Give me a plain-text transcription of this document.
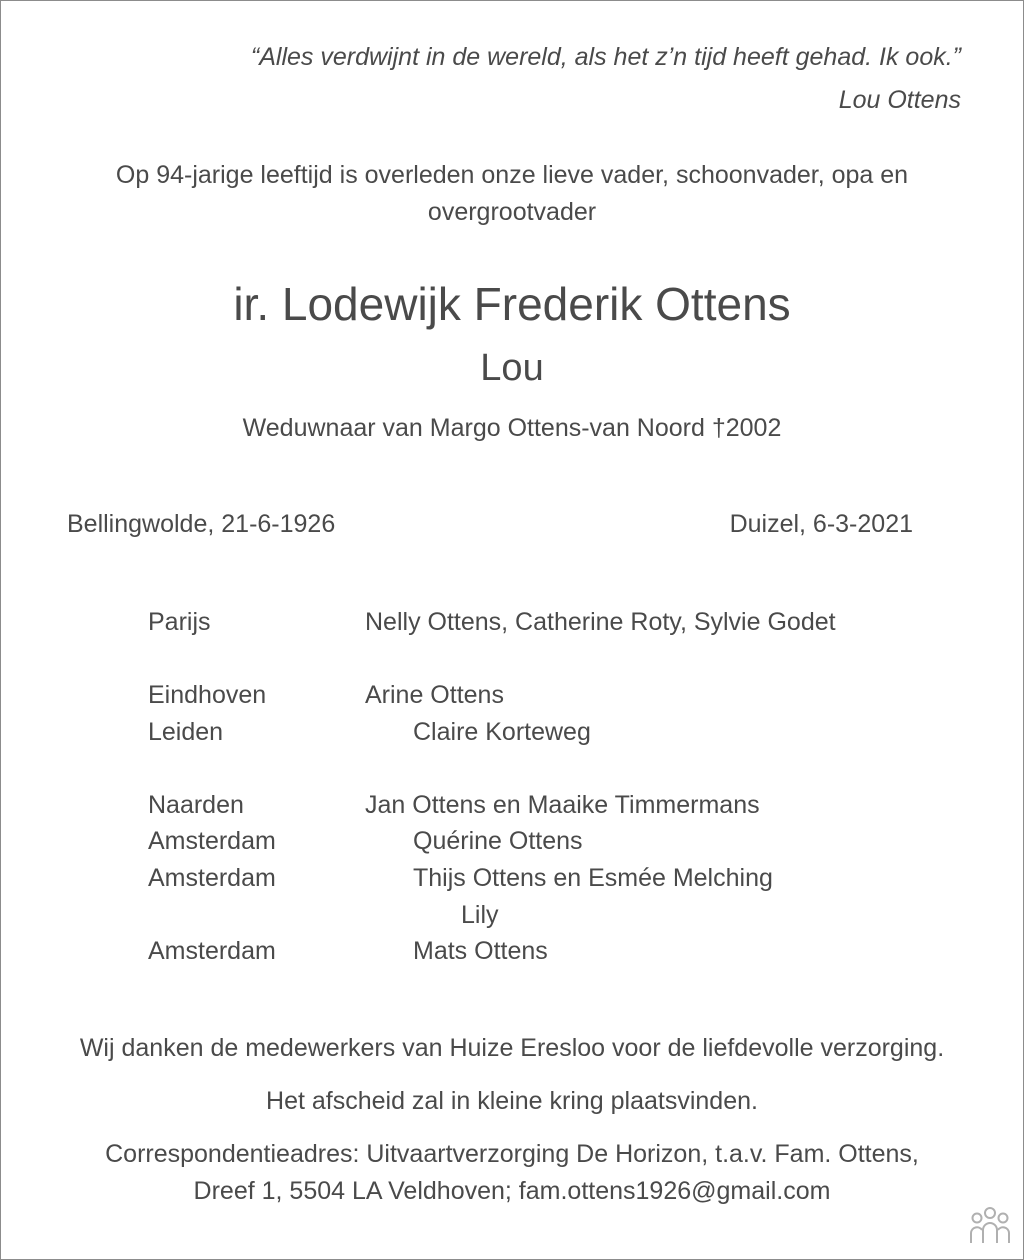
“Alles verdwijnt in de wereld, als het z’n tijd heeft gehad. Ik ook.”
Lou Ottens
Op 94-jarige leeftijd is overleden onze lieve vader, schoonvader, opa en
overgrootvader
ir. Lodewijk Frederik Ottens
Lou
Weduwnaar van Margo Ottens-van Noord †2002
Bellingwolde, 21-6-1926	Duizel, 6-3-2021
Parijs	Nelly Ottens, Catherine Roty, Sylvie Godet
Eindhoven	Arine Ottens
Leiden	Claire Korteweg
Naarden	Jan Ottens en Maaike Timmermans
Amsterdam	Quérine Ottens
Amsterdam	Thijs Ottens en Esmée Melching
Lily
Amsterdam	Mats Ottens
Wij danken de medewerkers van Huize Eresloo voor de liefdevolle verzorging.
Het afscheid zal in kleine kring plaatsvinden.
Correspondentieadres: Uitvaartverzorging De Horizon, t.a.v. Fam. Ottens,
Dreef 1, 5504 LA Veldhoven; fam.ottens1926@gmail.com
